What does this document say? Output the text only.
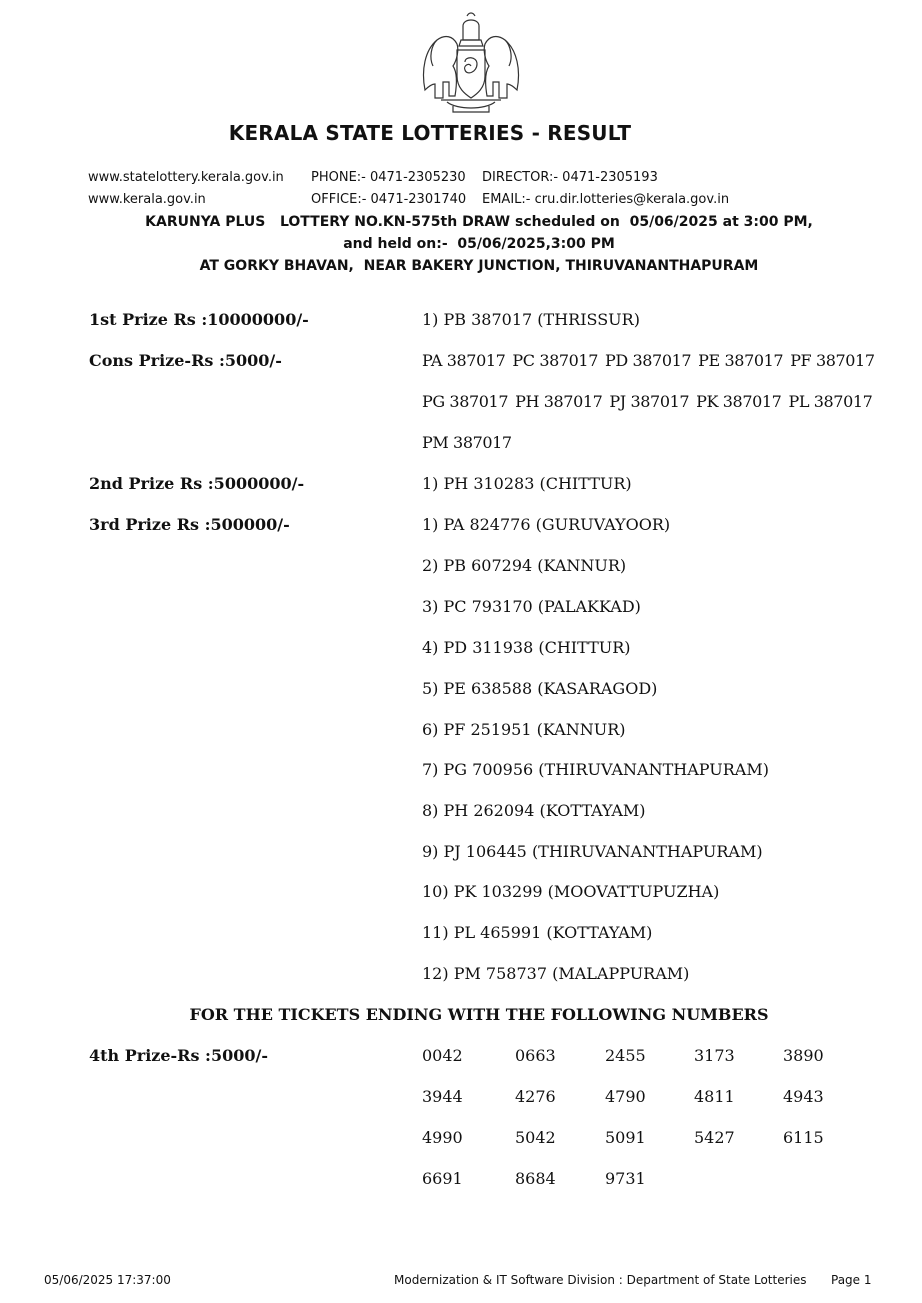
KERALA STATE LOTTERIES - RESULT
www.statelottery.kerala.gov.in
www.kerala.gov.in
PHONE:- 0471-2305230
OFFICE:- 0471-2301740
DIRECTOR:- 0471-2305193
EMAIL:- cru.dir.lotteries@kerala.gov.in
KARUNYA PLUS   LOTTERY NO.KN-575th DRAW scheduled on  05/06/2025 at 3:00 PM,
and held on:-  05/06/2025,3:00 PM
AT GORKY BHAVAN,  NEAR BAKERY JUNCTION, THIRUVANANTHAPURAM
1st Prize Rs :10000000/-	1) PB 387017 (THRISSUR)
Cons Prize-Rs :5000/-	PA 387017 PC 387017 PD 387017 PE 387017 PF 387017
PG 387017 PH 387017 PJ 387017 PK 387017 PL 387017
PM 387017
2nd Prize Rs :5000000/-	1) PH 310283 (CHITTUR)
3rd Prize Rs :500000/-	1) PA 824776 (GURUVAYOOR)
2) PB 607294 (KANNUR)
3) PC 793170 (PALAKKAD)
4) PD 311938 (CHITTUR)
5) PE 638588 (KASARAGOD)
6) PF 251951 (KANNUR)
7) PG 700956 (THIRUVANANTHAPURAM)
8) PH 262094 (KOTTAYAM)
9) PJ 106445 (THIRUVANANTHAPURAM)
10) PK 103299 (MOOVATTUPUZHA)
11) PL 465991 (KOTTAYAM)
12) PM 758737 (MALAPPURAM)
FOR THE TICKETS ENDING WITH THE FOLLOWING NUMBERS
4th Prize-Rs :5000/-	0042	0663	2455	3173	3890
3944	4276	4790	4811	4943
4990	5042	5091	5427	6115
6691	8684	9731
05/06/2025 17:37:00	Modernization & IT Software Division : Department of State Lotteries Page 1
